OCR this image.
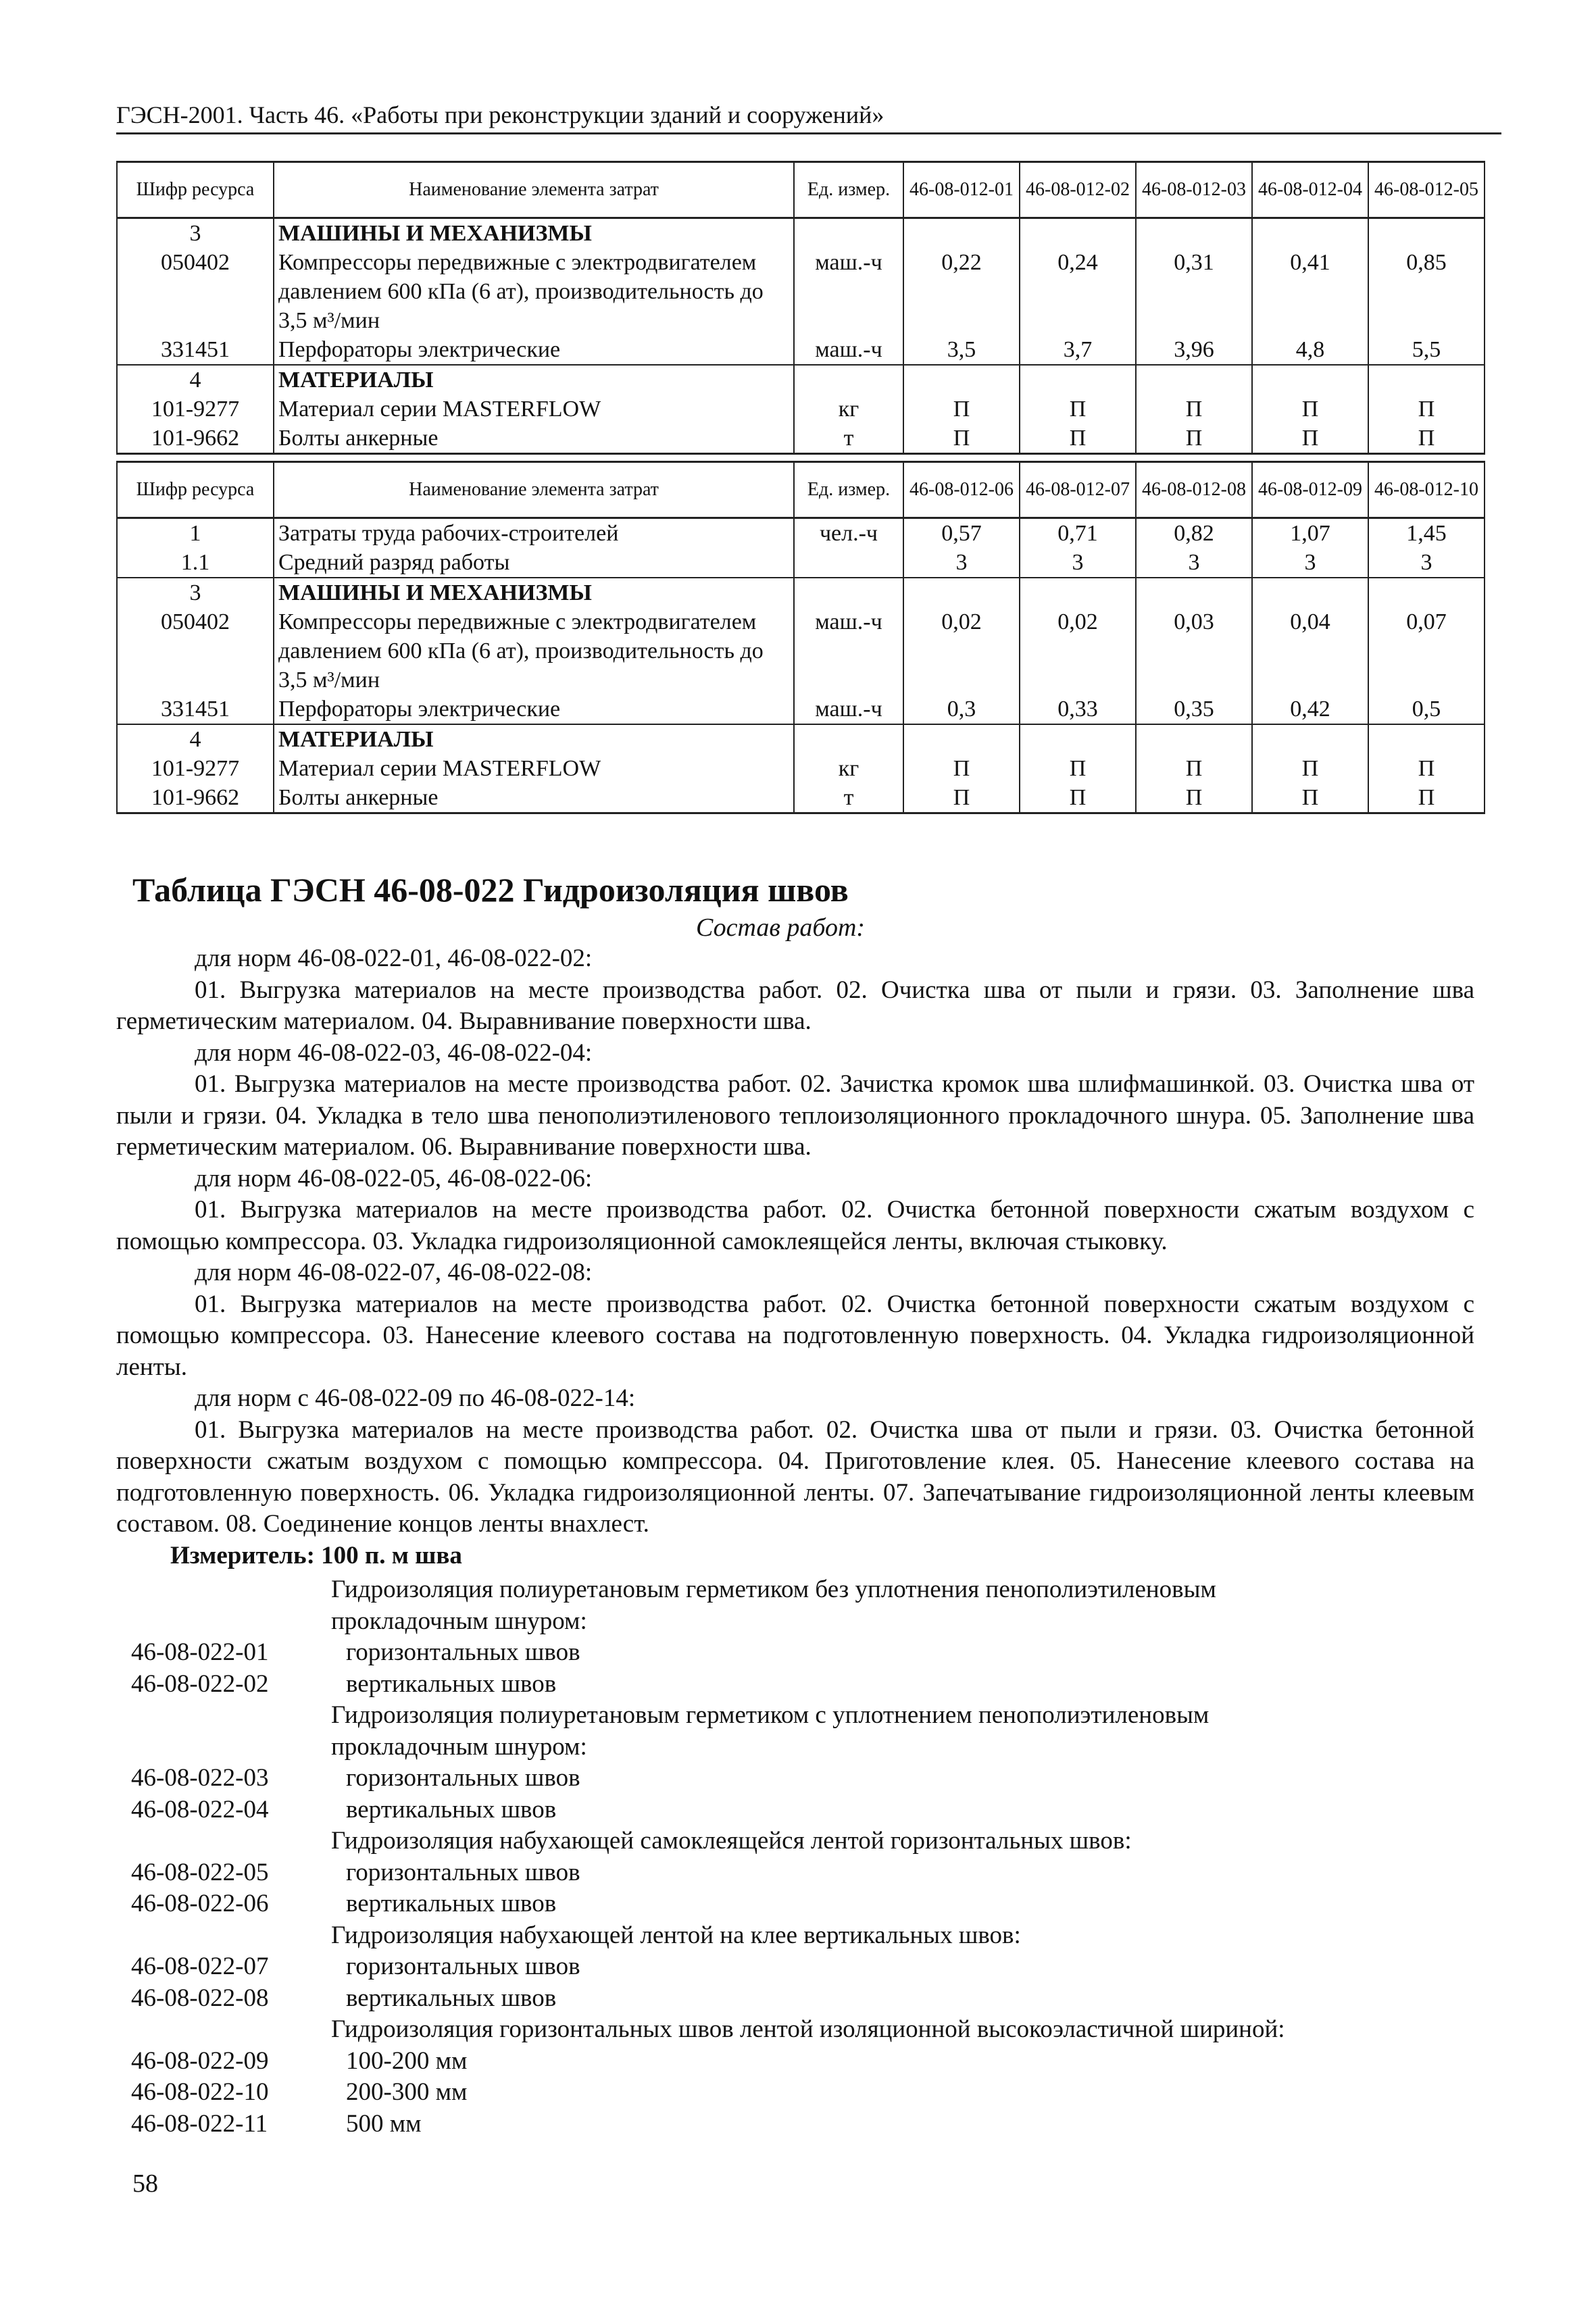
ГЭСН-2001. Часть 46. «Работы при реконструкции зданий и сооружений»
Шифр ресурса	Наименование элемента затрат	Ед. измер.	46-08-012-01	46-08-012-02	46-08-012-03	46-08-012-04	46-08-012-05
3	МАШИНЫ И МЕХАНИЗМЫ						
050402	Компрессоры передвижные с электродвигателем давлением 600 кПа (6 ат), производительность до 3,5 м³/мин	маш.-ч	0,22	0,24	0,31	0,41	0,85
331451	Перфораторы электрические	маш.-ч	3,5	3,7	3,96	4,8	5,5
4	МАТЕРИАЛЫ						
101-9277	Материал серии MASTERFLOW	кг	П	П	П	П	П
101-9662	Болты анкерные	т	П	П	П	П	П
Шифр ресурса	Наименование элемента затрат	Ед. измер.	46-08-012-06	46-08-012-07	46-08-012-08	46-08-012-09	46-08-012-10
1	Затраты труда рабочих-строителей	чел.-ч	0,57	0,71	0,82	1,07	1,45
1.1	Средний разряд работы		3	3	3	3	3
3	МАШИНЫ И МЕХАНИЗМЫ						
050402	Компрессоры передвижные с электродвигателем давлением 600 кПа (6 ат), производительность до 3,5 м³/мин	маш.-ч	0,02	0,02	0,03	0,04	0,07
331451	Перфораторы электрические	маш.-ч	0,3	0,33	0,35	0,42	0,5
4	МАТЕРИАЛЫ						
101-9277	Материал серии MASTERFLOW	кг	П	П	П	П	П
101-9662	Болты анкерные	т	П	П	П	П	П
Таблица ГЭСН 46-08-022 Гидроизоляция швов
Состав работ:

для норм 46-08-022-01, 46-08-022-02:

01. Выгрузка материалов на месте производства работ. 02. Очистка шва от пыли и грязи. 03. Заполнение шва герметическим материалом. 04. Выравнивание поверхности шва.

для норм 46-08-022-03, 46-08-022-04:

01. Выгрузка материалов на месте производства работ. 02. Зачистка кромок шва шлифмашинкой. 03. Очистка шва от пыли и грязи. 04. Укладка в тело шва пенополиэтиленового теплоизоляционного прокладочного шнура. 05. Заполнение шва герметическим материалом. 06. Выравнивание поверхности шва.

для норм 46-08-022-05, 46-08-022-06:

01. Выгрузка материалов на месте производства работ. 02. Очистка бетонной поверхности сжатым воздухом с помощью компрессора. 03. Укладка гидроизоляционной самоклеящейся ленты, включая стыковку.

для норм 46-08-022-07, 46-08-022-08:

01. Выгрузка материалов на месте производства работ. 02. Очистка бетонной поверхности сжатым воздухом с помощью компрессора. 03. Нанесение клеевого состава на подготовленную поверхность. 04. Укладка гидроизоляционной ленты.

для норм с 46-08-022-09 по 46-08-022-14:

01. Выгрузка материалов на месте производства работ. 02. Очистка шва от пыли и грязи. 03. Очистка бетонной поверхности сжатым воздухом с помощью компрессора. 04. Приготовление клея. 05. Нанесение клеевого состава на подготовленную поверхность. 06. Укладка гидроизоляционной ленты. 07. Запечатывание гидроизоляционной ленты клеевым составом. 08. Соединение концов ленты внахлест.

Измеритель: 100 п. м шва

Гидроизоляция полиуретановым герметиком без уплотнения пенополиэтиленовым
прокладочным шнуром:
46-08-022-01	горизонтальных швов
46-08-022-02	вертикальных швов
Гидроизоляция полиуретановым герметиком с уплотнением пенополиэтиленовым
прокладочным шнуром:
46-08-022-03	горизонтальных швов
46-08-022-04	вертикальных швов
Гидроизоляция набухающей самоклеящейся лентой горизонтальных швов:
46-08-022-05	горизонтальных швов
46-08-022-06	вертикальных швов
Гидроизоляция набухающей лентой на клее вертикальных швов:
46-08-022-07	горизонтальных швов
46-08-022-08	вертикальных швов
Гидроизоляция горизонтальных швов лентой изоляционной высокоэластичной шириной:
46-08-022-09	100-200 мм
46-08-022-10	200-300 мм
46-08-022-11	500 мм
58
